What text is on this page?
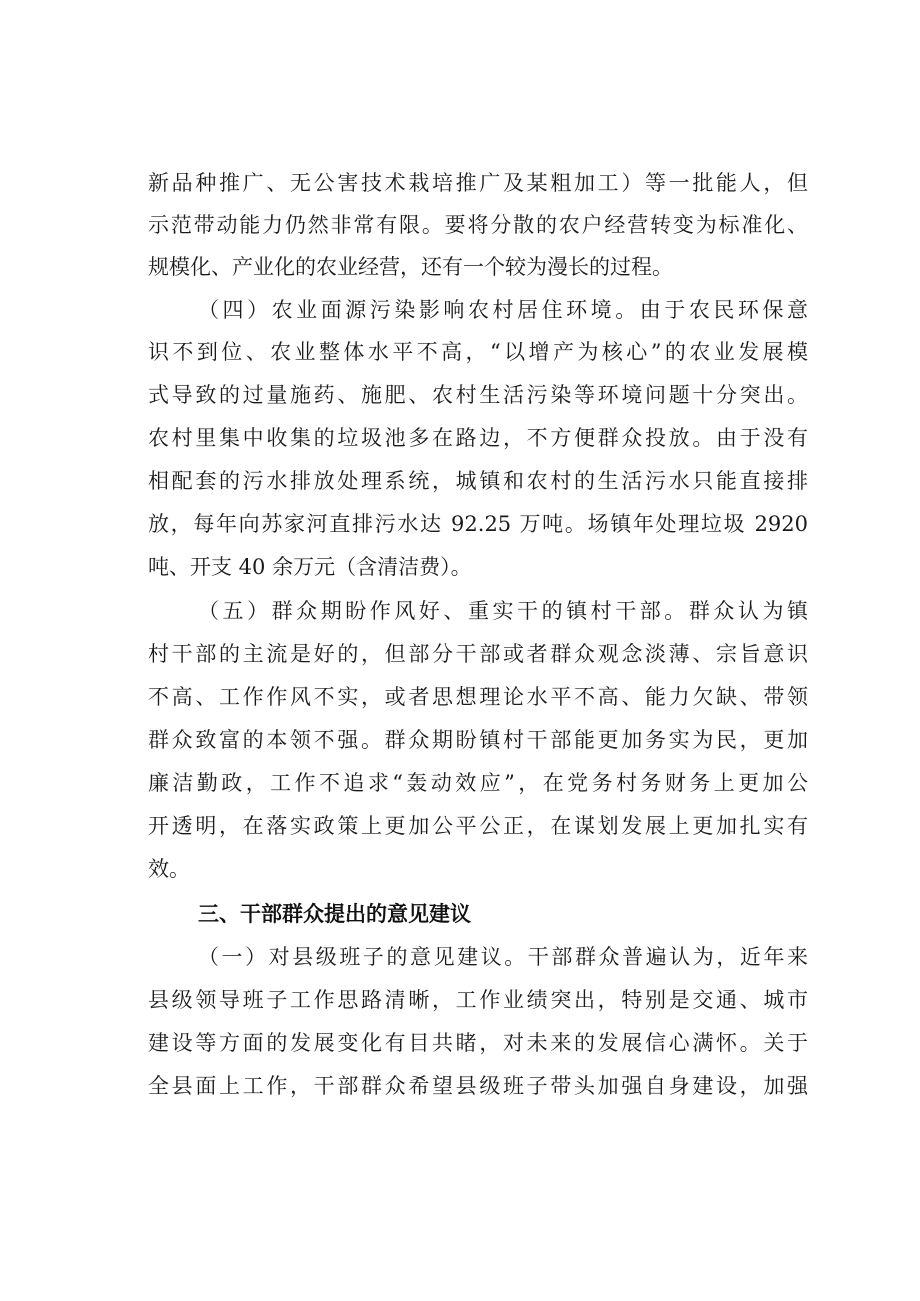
新品种推广、无公害技术栽培推广及某粗加工）等一批能人，但
示范带动能力仍然非常有限。要将分散的农户经营转变为标准化、
规模化、产业化的农业经营，还有一个较为漫长的过程。
（四）农业面源污染影响农村居住环境。由于农民环保意
识不到位、农业整体水平不高，“以增产为核心”的农业发展模
式导致的过量施药、施肥、农村生活污染等环境问题十分突出。
农村里集中收集的垃圾池多在路边，不方便群众投放。由于没有
相配套的污水排放处理系统，城镇和农村的生活污水只能直接排
放，每年向苏家河直排污水达 92.25 万吨。场镇年处理垃圾 2920
吨、开支 40 余万元（含清洁费）。
（五）群众期盼作风好、重实干的镇村干部。群众认为镇
村干部的主流是好的，但部分干部或者群众观念淡薄、宗旨意识
不高、工作作风不实，或者思想理论水平不高、能力欠缺、带领
群众致富的本领不强。群众期盼镇村干部能更加务实为民，更加
廉洁勤政，工作不追求“轰动效应”，在党务村务财务上更加公
开透明，在落实政策上更加公平公正，在谋划发展上更加扎实有
效。
三、干部群众提出的意见建议
（一）对县级班子的意见建议。干部群众普遍认为，近年来
县级领导班子工作思路清晰，工作业绩突出，特别是交通、城市
建设等方面的发展变化有目共睹，对未来的发展信心满怀。关于
全县面上工作，干部群众希望县级班子带头加强自身建设，加强
